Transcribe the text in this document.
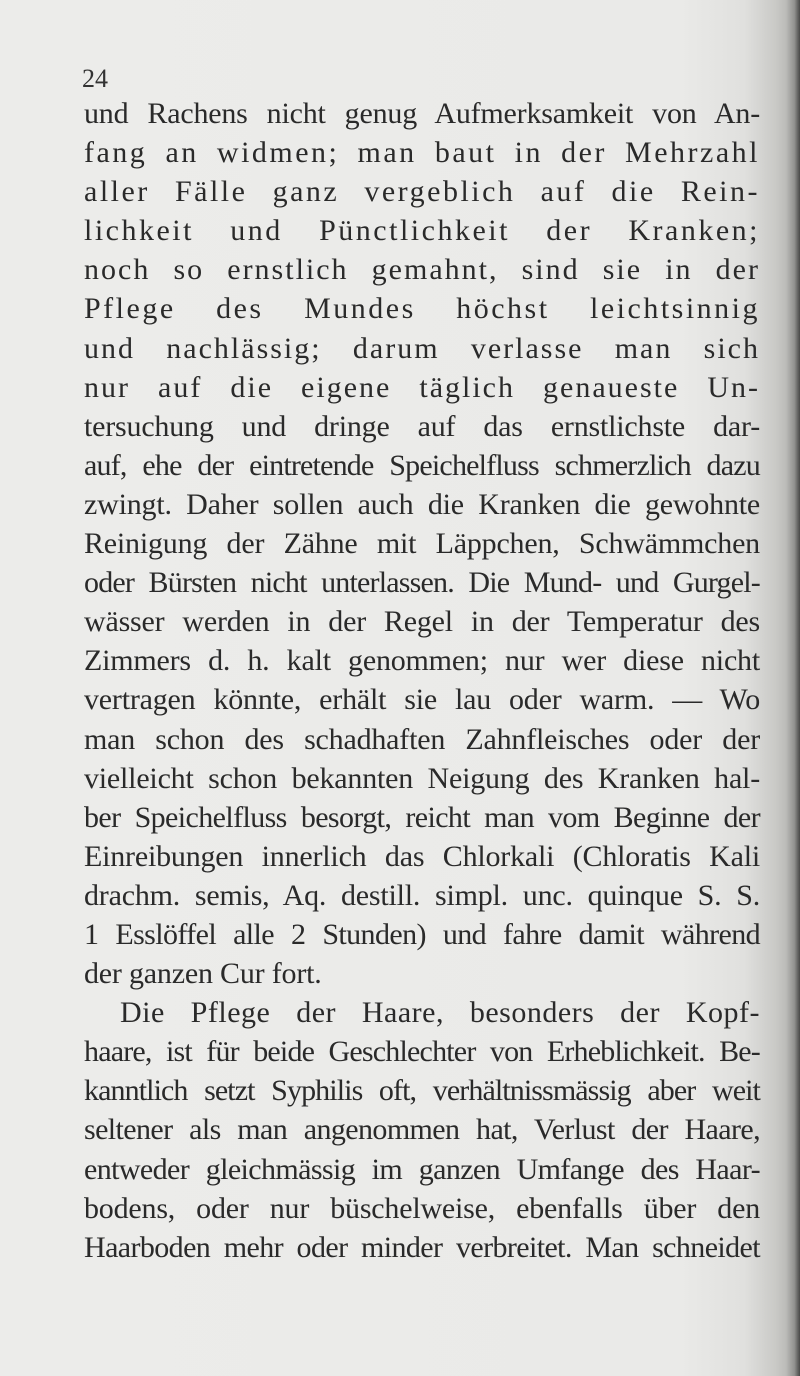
24
und Rachens nicht genug Aufmerksamkeit von An-
fang an widmen; man baut in der Mehrzahl
aller Fälle ganz vergeblich auf die Rein-
lichkeit und Pünctlichkeit der Kranken;
noch so ernstlich gemahnt, sind sie in der
Pflege des Mundes höchst leichtsinnig
und nachlässig; darum verlasse man sich
nur auf die eigene täglich genaueste Un-
tersuchung und dringe auf das ernstlichste dar-
auf, ehe der eintretende Speichelfluss schmerzlich dazu
zwingt. Daher sollen auch die Kranken die gewohnte
Reinigung der Zähne mit Läppchen, Schwämmchen
oder Bürsten nicht unterlassen. Die Mund- und Gurgel-
wässer werden in der Regel in der Temperatur des
Zimmers d. h. kalt genommen; nur wer diese nicht
vertragen könnte, erhält sie lau oder warm. — Wo
man schon des schadhaften Zahnfleisches oder der
vielleicht schon bekannten Neigung des Kranken hal-
ber Speichelfluss besorgt, reicht man vom Beginne der
Einreibungen innerlich das Chlorkali (Chloratis Kali
drachm. semis, Aq. destill. simpl. unc. quinque S. S.
1 Esslöffel alle 2 Stunden) und fahre damit während
der ganzen Cur fort.
Die Pflege der Haare, besonders der Kopf-
haare, ist für beide Geschlechter von Erheblichkeit. Be-
kanntlich setzt Syphilis oft, verhältnissmässig aber weit
seltener als man angenommen hat, Verlust der Haare,
entweder gleichmässig im ganzen Umfange des Haar-
bodens, oder nur büschelweise, ebenfalls über den
Haarboden mehr oder minder verbreitet. Man schneidet
